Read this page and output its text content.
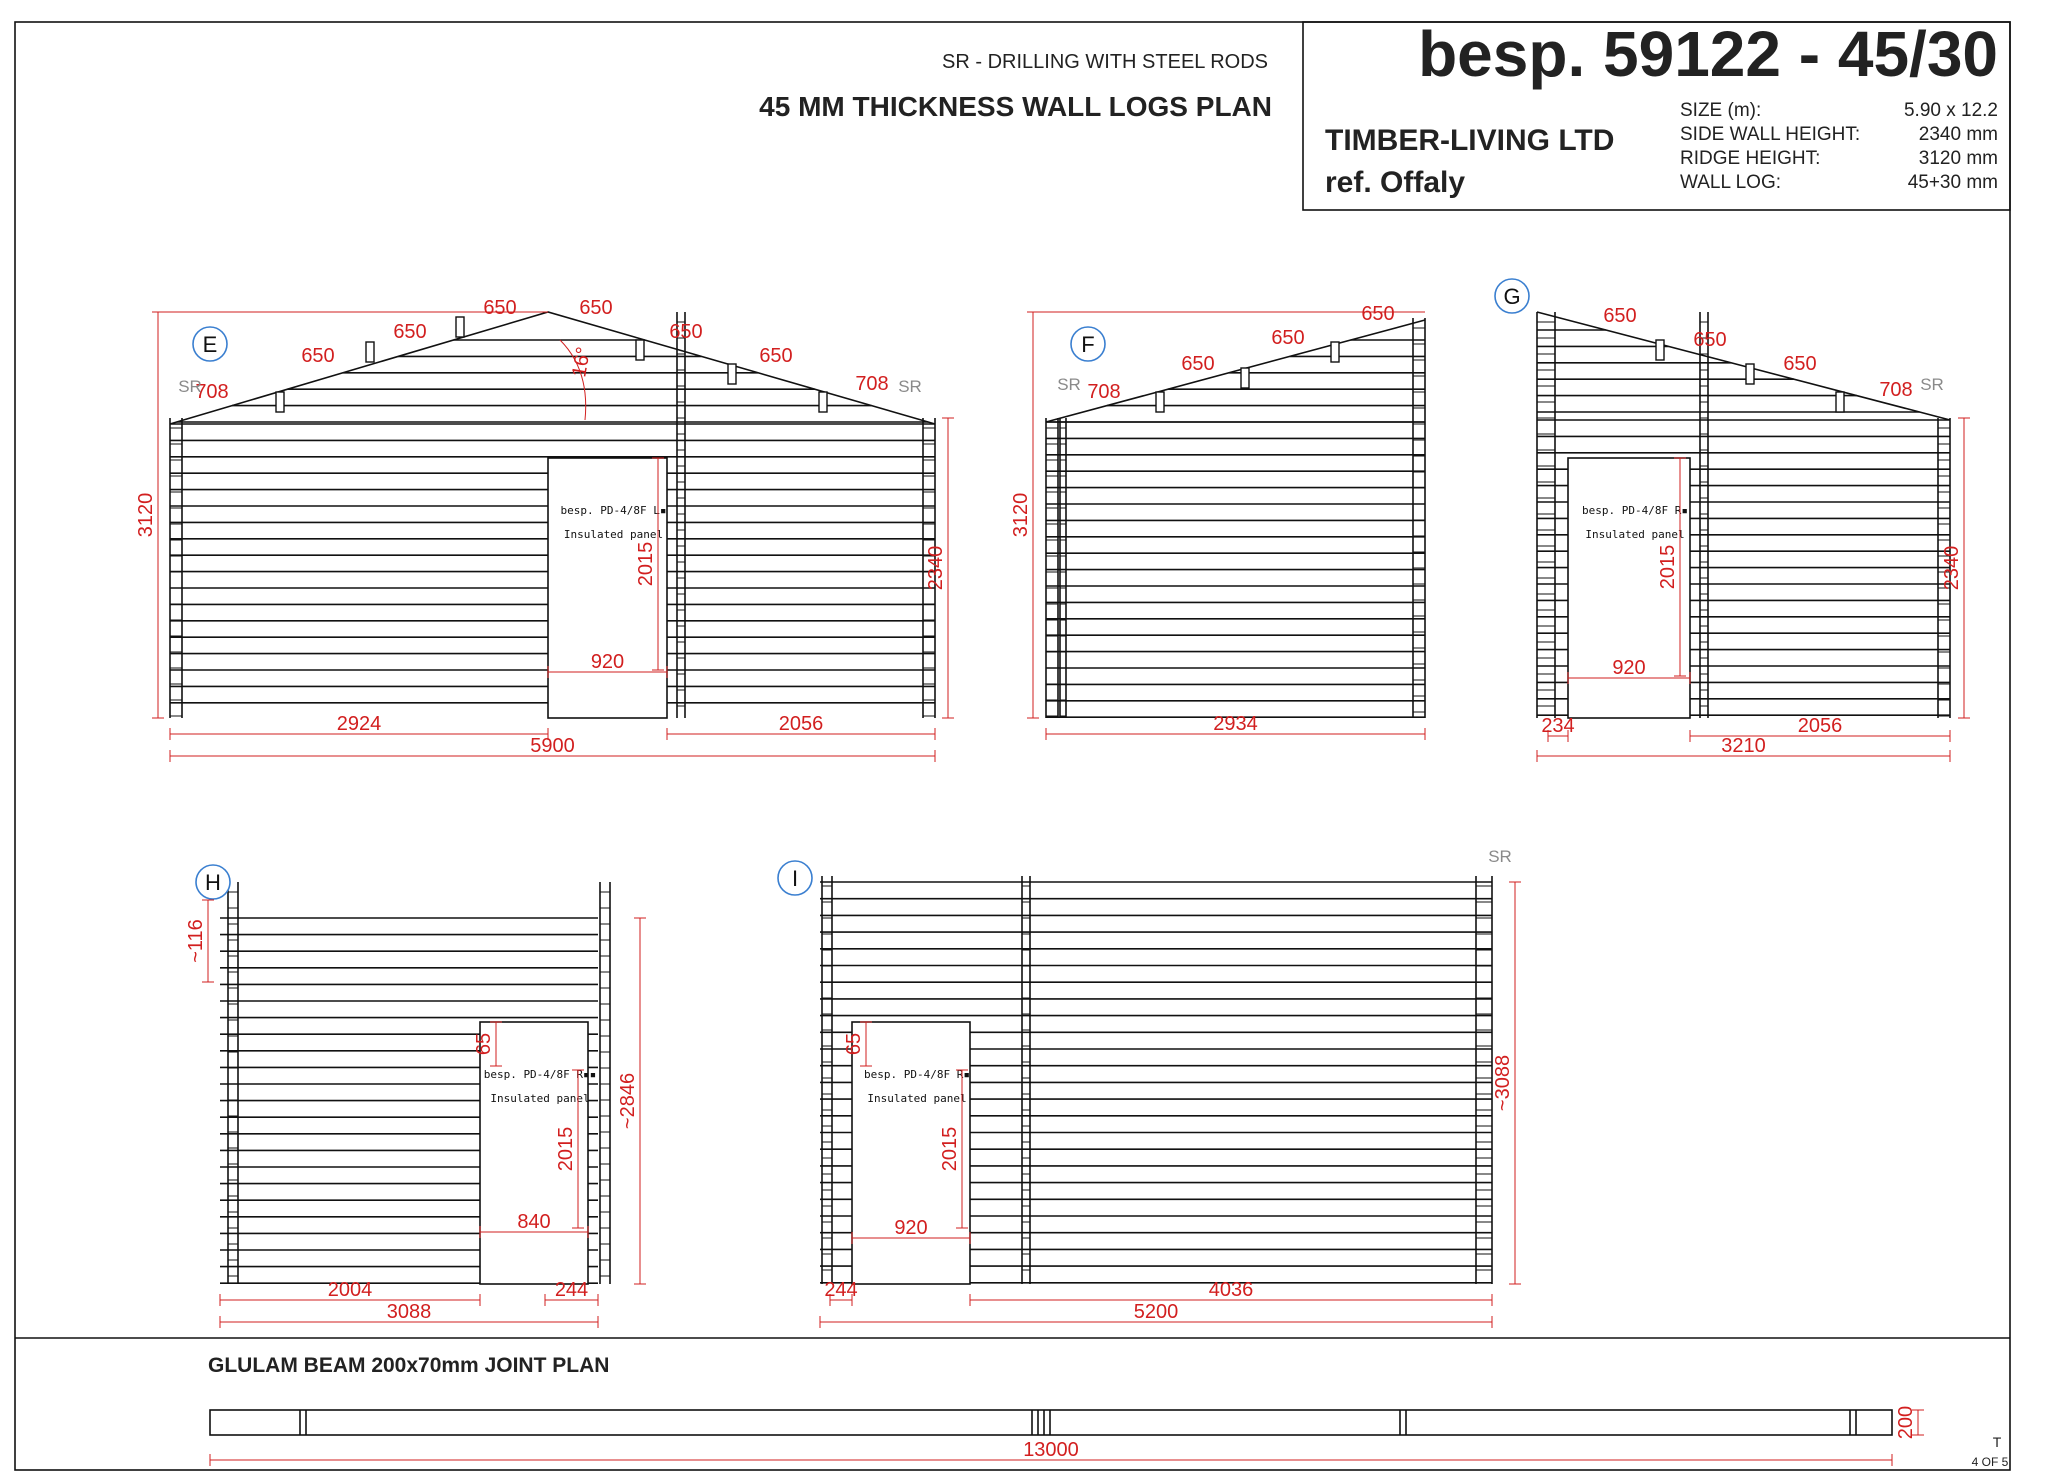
SR - DRILLING WITH STEEL RODS
45 MM THICKNESS WALL LOGS PLAN
besp. 59122 - 45/30
TIMBER-LIVING LTD
ref. Offaly
SIZE (m):	5.90 x 12.2
SIDE WALL HEIGHT:	2340 mm
RIDGE HEIGHT:	3120 mm
WALL LOG:	45+30 mm
besp. PD-4/8F L▪
Insulated panel
708
650
650
650	650
650
650
708
16°
SR	SR
E
3120
2340
2015
920
2924	2056
5900
708
650
650
650
SR
F
3120
2934
besp. PD-4/8F R▪
Insulated panel
650
650
650
708 SR
G
2340
2015
920
234	2056
3210
besp. PD-4/8F R▪▪
Insulated panel
H
~116
~2846
65
2015
840
2004	244
3088
besp. PD-4/8F R▪
Insulated panel
SR
I
~3088
65
2015
920
244	4036
5200
GLULAM BEAM 200x70mm JOINT PLAN
13000
200
T
4 OF 5
